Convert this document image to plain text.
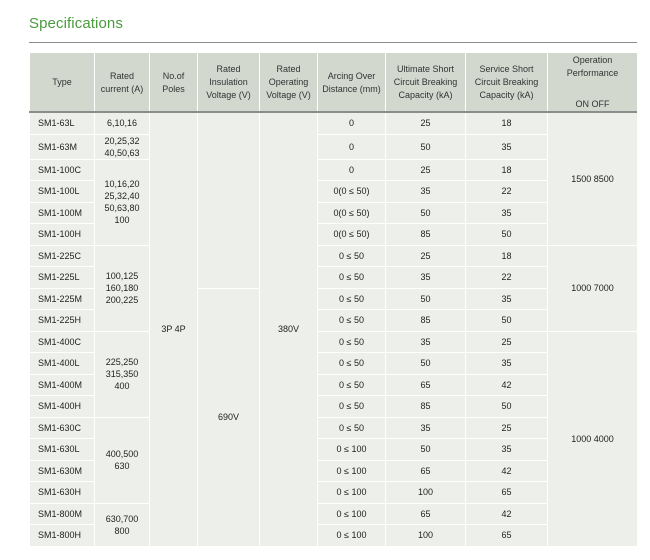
Specifications
Type	Rated current (A)	No.of Poles	Rated Insulation Voltage (V)	Rated Operating Voltage (V)	Arcing Over Distance (mm)	Ultimate Short Circuit Breaking Capacity (kA)	Service Short Circuit Breaking Capacity (kA)	Operation Performance
ON OFF

SM1-63L	6,10,16	3P 4P		380V	0	25	18	1500 8500
SM1-63M	20,25,32 40,50,63				0	50	35	
SM1-100C	10,16,20 25,32,40 50,63,80 100				0	25	18	
SM1-100L					0(0 ≤ 50)	35	22	
SM1-100M					0(0 ≤ 50)	50	35	
SM1-100H					0(0 ≤ 50)	85	50	
SM1-225C	100,125 160,180 200,225				0 ≤ 50	25	18	1000 7000
SM1-225L					0 ≤ 50	35	22	
SM1-225M			690V		0 ≤ 50	50	35	
SM1-225H					0 ≤ 50	85	50	
SM1-400C	225,250 315,350 400				0 ≤ 50	35	25	1000 4000
SM1-400L					0 ≤ 50	50	35	
SM1-400M					0 ≤ 50	65	42	
SM1-400H					0 ≤ 50	85	50	
SM1-630C	400,500 630				0 ≤ 50	35	25	
SM1-630L					0 ≤ 100	50	35	
SM1-630M					0 ≤ 100	65	42	
SM1-630H					0 ≤ 100	100	65	
SM1-800M	630,700 800				0 ≤ 100	65	42	
SM1-800H					0 ≤ 100	100	65	
